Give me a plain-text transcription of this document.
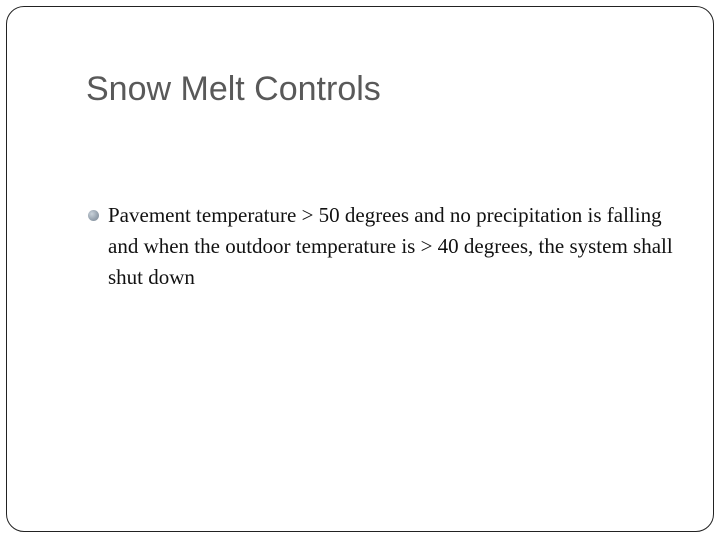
Snow Melt Controls
Pavement temperature > 50 degrees and no precipitation is falling and when the outdoor temperature is > 40 degrees, the system shall shut down
